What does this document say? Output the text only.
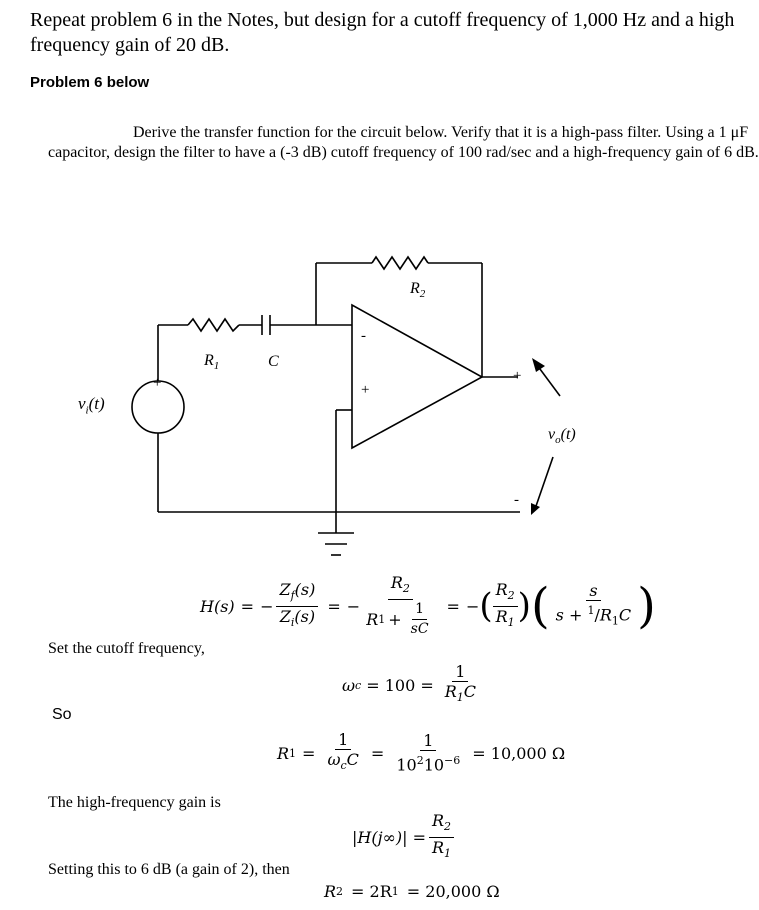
Repeat problem 6 in the Notes, but design for a cutoff frequency of 1,000 Hz and a high frequency gain of 20 dB.
Problem 6 below
Derive the transfer function for the circuit below. Verify that it is a high-pass filter. Using a 1 μF capacitor, design the filter to have a (-3 dB) cutoff frequency of 100 rad/sec and a high-frequency gain of 6 dB.
$v_i(t)$
+
$R_1$	C
$R_2$
-
+
+
-
$v_o(t)$
H(s) = − $\frac{Z_f(s)}{Z_i(s)}$ = − $\frac{R_2}{R 1 + \frac{1}{sC}}$ = − ( $\frac{R_2}{R_1}$ ) ( $\frac{s}{s + ^1/R_1C}$ )
Set the cutoff frequency,
ω $c = 100 = \frac{1}{R_1C}$
So
R $1 = \frac{1}{\omega_cC} = \frac{1}{10^210^{-6}} = 10,000$ Ω
The high-frequency gain is
$|H(j\infty)| = \frac{R_2}{R_1}$
Setting this to 6 dB (a gain of 2), then
R 2 = 2R 1 = 20,000 Ω
